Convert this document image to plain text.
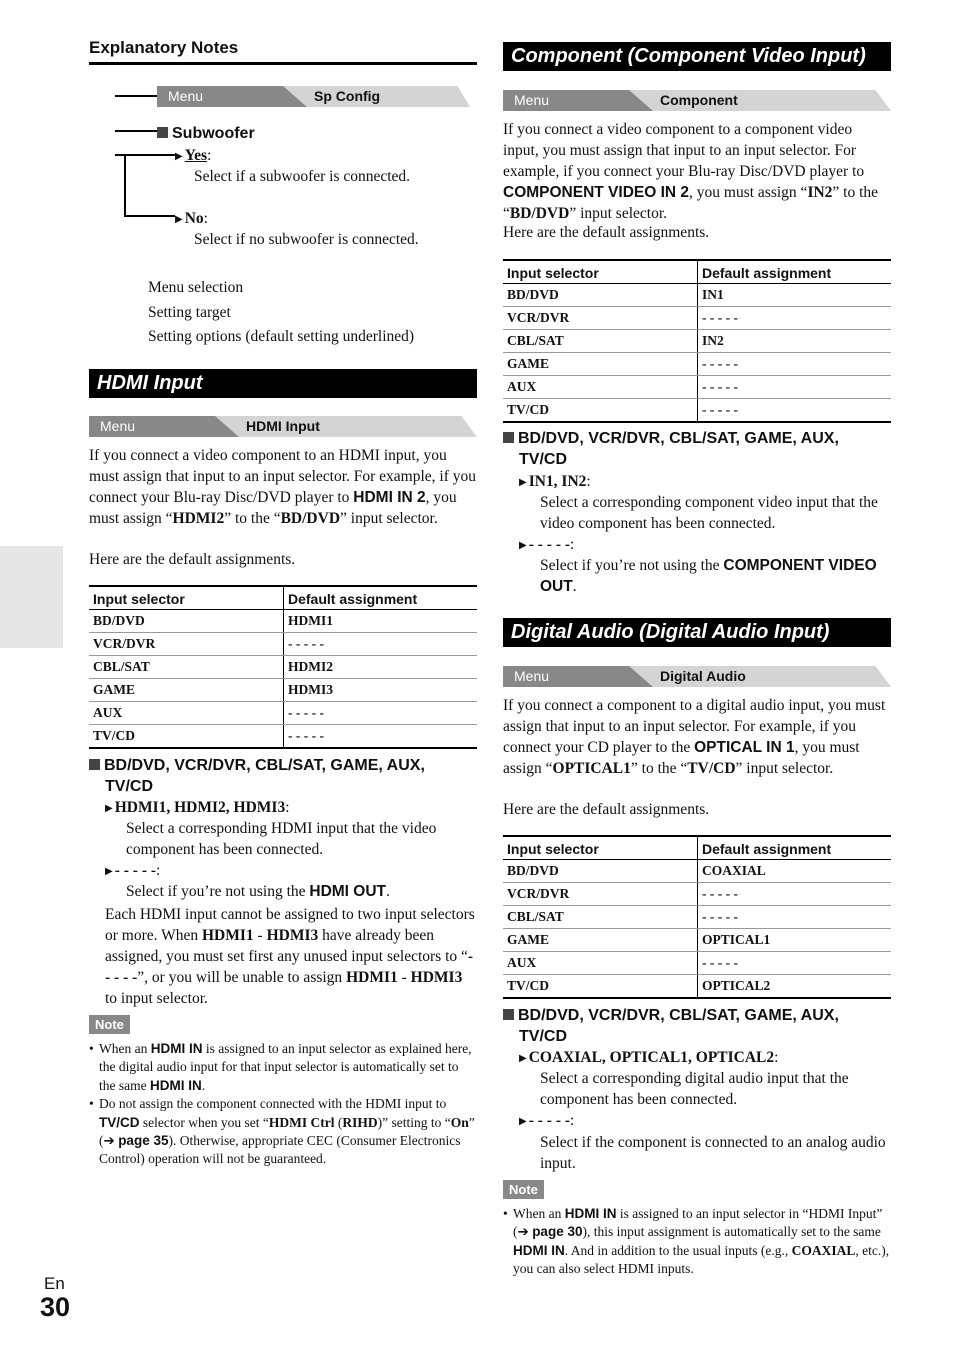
Explanatory Notes
Menu	Sp Config
Subwoofer
▶ Yes:
Select if a subwoofer is connected.
▶ No:
Select if no subwoofer is connected.
Menu selection
Setting target
Setting options (default setting underlined)
HDMI Input
Menu	HDMI Input
If you connect a video component to an HDMI input, you must assign that input to an input selector. For example, if you connect your Blu-ray Disc/DVD player to HDMI IN 2, you must assign “HDMI2” to the “BD/DVD” input selector.
Here are the default assignments.
Input selector	Default assignment
BD/DVD	HDMI1
VCR/DVR	- - - - -
CBL/SAT	HDMI2
GAME	HDMI3
AUX	- - - - -
TV/CD	- - - - -
BD/DVD, VCR/DVR, CBL/SAT, GAME, AUX,
TV/CD
▶ HDMI1, HDMI2, HDMI3:
Select a corresponding HDMI input that the video component has been connected.
▶ - - - - -:
Select if you’re not using the HDMI OUT.
Each HDMI input cannot be assigned to two input selectors or more. When HDMI1 - HDMI3 have already been assigned, you must set first any unused input selectors to “- - - - -”, or you will be unable to assign HDMI1 - HDMI3 to input selector.
Note
• When an HDMI IN is assigned to an input selector as explained here, the digital audio input for that input selector is automatically set to the same HDMI IN.
• Do not assign the component connected with the HDMI input to TV/CD selector when you set “HDMI Ctrl (RIHD)” setting to “On” (➔ page 35). Otherwise, appropriate CEC (Consumer Electronics Control) operation will not be guaranteed.
Component (Component Video Input)
Menu	Component
If you connect a video component to a component video input, you must assign that input to an input selector. For example, if you connect your Blu-ray Disc/DVD player to COMPONENT VIDEO IN 2, you must assign “IN2” to the “BD/DVD” input selector.
Here are the default assignments.
Input selector	Default assignment
BD/DVD	IN1
VCR/DVR	- - - - -
CBL/SAT	IN2
GAME	- - - - -
AUX	- - - - -
TV/CD	- - - - -
BD/DVD, VCR/DVR, CBL/SAT, GAME, AUX,
TV/CD
▶ IN1, IN2:
Select a corresponding component video input that the video component has been connected.
▶ - - - - -:
Select if you’re not using the COMPONENT VIDEO OUT.
Digital Audio (Digital Audio Input)
Menu	Digital Audio
If you connect a component to a digital audio input, you must assign that input to an input selector. For example, if you connect your CD player to the OPTICAL IN 1, you must assign “OPTICAL1” to the “TV/CD” input selector.
Here are the default assignments.
Input selector	Default assignment
BD/DVD	COAXIAL
VCR/DVR	- - - - -
CBL/SAT	- - - - -
GAME	OPTICAL1
AUX	- - - - -
TV/CD	OPTICAL2
BD/DVD, VCR/DVR, CBL/SAT, GAME, AUX,
TV/CD
▶ COAXIAL, OPTICAL1, OPTICAL2:
Select a corresponding digital audio input that the component has been connected.
▶ - - - - -:
Select if the component is connected to an analog audio input.
Note
• When an HDMI IN is assigned to an input selector in “HDMI Input” (➔ page 30), this input assignment is automatically set to the same HDMI IN. And in addition to the usual inputs (e.g., COAXIAL, etc.), you can also select HDMI inputs.
En
30
